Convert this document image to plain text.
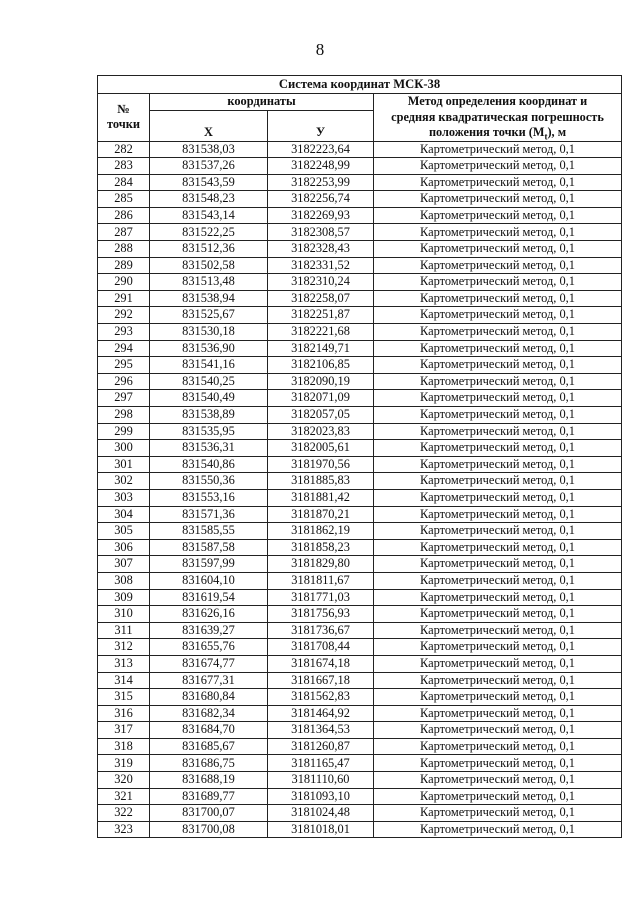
8
Система координат МСК-38			
№
точки	координаты		Метод определения координат и
средняя квадратическая погрешность
положения точки $(M_t)$, м
	X	У	
282	831538,03	3182223,64	Картометрический метод, 0,1
283	831537,26	3182248,99	Картометрический метод, 0,1
284	831543,59	3182253,99	Картометрический метод, 0,1
285	831548,23	3182256,74	Картометрический метод, 0,1
286	831543,14	3182269,93	Картометрический метод, 0,1
287	831522,25	3182308,57	Картометрический метод, 0,1
288	831512,36	3182328,43	Картометрический метод, 0,1
289	831502,58	3182331,52	Картометрический метод, 0,1
290	831513,48	3182310,24	Картометрический метод, 0,1
291	831538,94	3182258,07	Картометрический метод, 0,1
292	831525,67	3182251,87	Картометрический метод, 0,1
293	831530,18	3182221,68	Картометрический метод, 0,1
294	831536,90	3182149,71	Картометрический метод, 0,1
295	831541,16	3182106,85	Картометрический метод, 0,1
296	831540,25	3182090,19	Картометрический метод, 0,1
297	831540,49	3182071,09	Картометрический метод, 0,1
298	831538,89	3182057,05	Картометрический метод, 0,1
299	831535,95	3182023,83	Картометрический метод, 0,1
300	831536,31	3182005,61	Картометрический метод, 0,1
301	831540,86	3181970,56	Картометрический метод, 0,1
302	831550,36	3181885,83	Картометрический метод, 0,1
303	831553,16	3181881,42	Картометрический метод, 0,1
304	831571,36	3181870,21	Картометрический метод, 0,1
305	831585,55	3181862,19	Картометрический метод, 0,1
306	831587,58	3181858,23	Картометрический метод, 0,1
307	831597,99	3181829,80	Картометрический метод, 0,1
308	831604,10	3181811,67	Картометрический метод, 0,1
309	831619,54	3181771,03	Картометрический метод, 0,1
310	831626,16	3181756,93	Картометрический метод, 0,1
311	831639,27	3181736,67	Картометрический метод, 0,1
312	831655,76	3181708,44	Картометрический метод, 0,1
313	831674,77	3181674,18	Картометрический метод, 0,1
314	831677,31	3181667,18	Картометрический метод, 0,1
315	831680,84	3181562,83	Картометрический метод, 0,1
316	831682,34	3181464,92	Картометрический метод, 0,1
317	831684,70	3181364,53	Картометрический метод, 0,1
318	831685,67	3181260,87	Картометрический метод, 0,1
319	831686,75	3181165,47	Картометрический метод, 0,1
320	831688,19	3181110,60	Картометрический метод, 0,1
321	831689,77	3181093,10	Картометрический метод, 0,1
322	831700,07	3181024,48	Картометрический метод, 0,1
323	831700,08	3181018,01	Картометрический метод, 0,1
